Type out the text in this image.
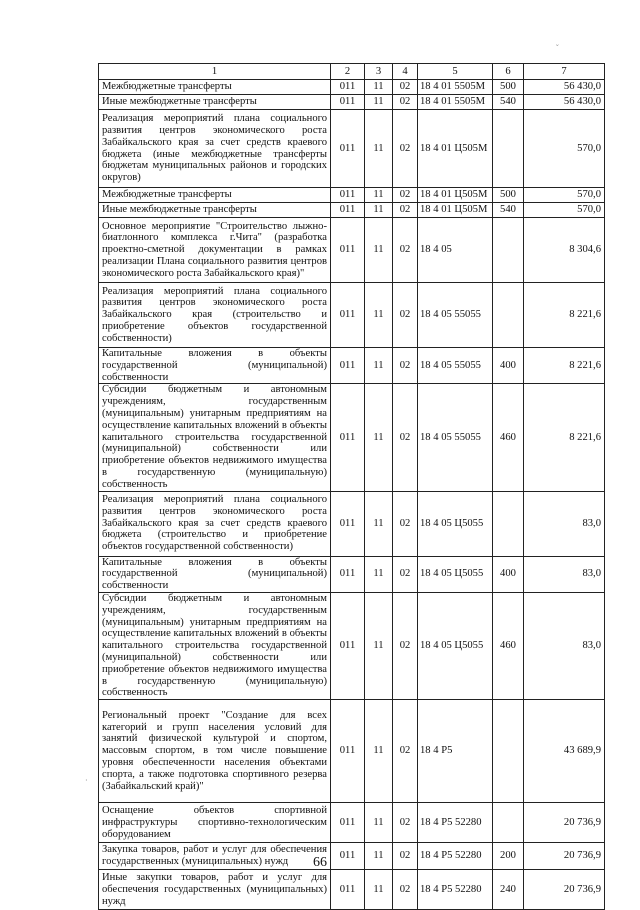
1	2	3	4	5	6	7
Межбюджетные трансферты	011	11	02	18 4 01 5505M	500	56 430,0
Иные межбюджетные трансферты	011	11	02	18 4 01 5505M	540	56 430,0
Реализация мероприятий плана социального развития центров экономического роста Забайкальского края за счет средств краевого бюджета (иные межбюджетные трансферты бюджетам муниципальных районов и городских округов)	011	11	02	18 4 01 Ц505M		570,0
Межбюджетные трансферты	011	11	02	18 4 01 Ц505M	500	570,0
Иные межбюджетные трансферты	011	11	02	18 4 01 Ц505M	540	570,0
Основное мероприятие "Строительство лыжно-биатлонного комплекса г.Чита" (разработка проектно-сметной документации в рамках реализации Плана социального развития центров экономического роста Забайкальского края)"	011	11	02	18 4 05		8 304,6
Реализация мероприятий плана социального развития центров экономического роста Забайкальского края (строительство и приобретение объектов государственной собственности)	011	11	02	18 4 05 55055		8 221,6
Капитальные вложения в объекты государственной (муниципальной) собственности	011	11	02	18 4 05 55055	400	8 221,6
Субсидии бюджетным и автономным учреждениям, государственным (муниципальным) унитарным предприятиям на осуществление капитальных вложений в объекты капитального строительства государственной (муниципальной) собственности или приобретение объектов недвижимого имущества в государственную (муниципальную) собственность	011	11	02	18 4 05 55055	460	8 221,6
Реализация мероприятий плана социального развития центров экономического роста Забайкальского края за счет средств краевого бюджета (строительство и приобретение объектов государственной собственности)	011	11	02	18 4 05 Ц5055		83,0
Капитальные вложения в объекты государственной (муниципальной) собственности	011	11	02	18 4 05 Ц5055	400	83,0
Субсидии бюджетным и автономным учреждениям, государственным (муниципальным) унитарным предприятиям на осуществление капитальных вложений в объекты капитального строительства государственной (муниципальной) собственности или приобретение объектов недвижимого имущества в государственную (муниципальную) собственность	011	11	02	18 4 05 Ц5055	460	83,0
Региональный проект "Создание для всех категорий и групп населения условий для занятий физической культурой и спортом, массовым спортом, в том числе повышение уровня обеспеченности населения объектами спорта, а также подготовка спортивного резерва (Забайкальский край)"	011	11	02	18 4 P5		43 689,9
Оснащение объектов спортивной инфраструктуры спортивно-технологическим оборудованием	011	11	02	18 4 P5 52280		20 736,9
Закупка товаров, работ и услуг для обеспечения государственных (муниципальных) нужд	011	11	02	18 4 P5 52280	200	20 736,9
Иные закупки товаров, работ и услуг для обеспечения государственных (муниципальных) нужд	011	11	02	18 4 P5 52280	240	20 736,9
66
˘
·
